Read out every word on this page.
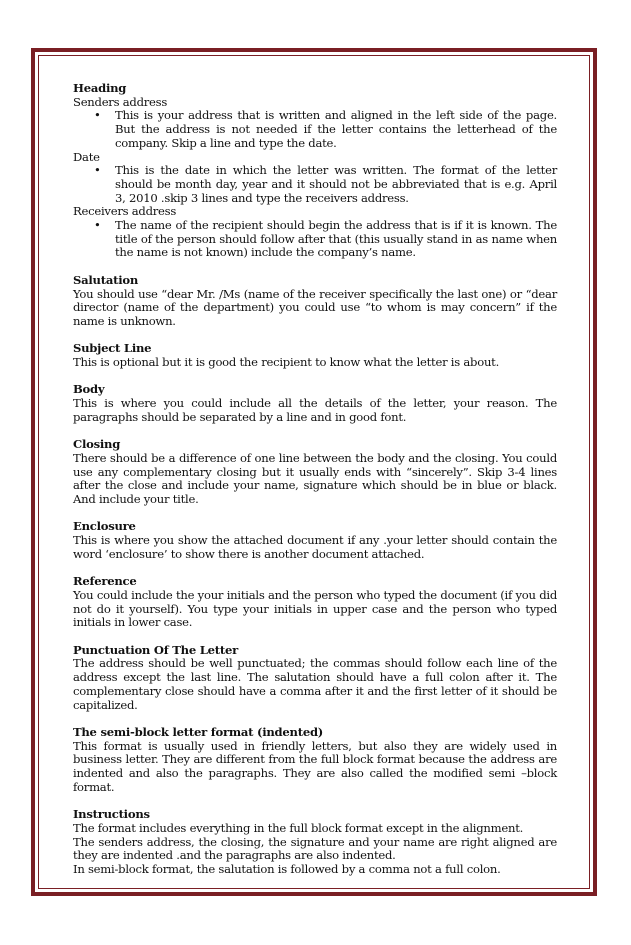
Heading

Senders address

• This is your address that is written and aligned in the left side of the page. But the address is not needed if the letter contains the letterhead of the company. Skip a line and type the date.

Date

• This is the date in which the letter was written. The format of the letter should be month day, year and it should not be abbreviated that is e.g. April 3, 2010 .skip 3 lines and type the receivers address.

Receivers address

• The name of the recipient should begin the address that is if it is known. The title of the person should follow after that (this usually stand in as name when the name is not known) include the company’s name.

Salutation

You should use “dear Mr. /Ms (name of the receiver specifically the last one) or “dear director (name of the department) you could use “to whom is may concern” if the name is unknown.

Subject Line

This is optional but it is good the recipient to know what the letter is about.

Body

This is where you could include all the details of the letter, your reason. The paragraphs should be separated by a line and in good font.

Closing

There should be a difference of one line between the body and the closing. You could use any complementary closing but it usually ends with “sincerely”. Skip 3-4 lines after the close and include your name, signature which should be in blue or black. And include your title.

Enclosure

This is where you show the attached document if any .your letter should contain the word ‘enclosure’ to show there is another document attached.

Reference

You could include the your initials and the person who typed the document (if you did not do it yourself). You type your initials in upper case and the person who typed initials in lower case.

Punctuation Of The Letter

The address should be well punctuated; the commas should follow each line of the address except the last line. The salutation should have a full colon after it. The complementary close should have a comma after it and the first letter of it should be capitalized.

The semi-block letter format (indented)

This format is usually used in friendly letters, but also they are widely used in business letter. They are different from the full block format because the address are indented and also the paragraphs. They are also called the modified semi –block format.

Instructions

The format includes everything in the full block format except in the alignment.

The senders address, the closing, the signature and your name are right aligned are they are indented .and the paragraphs are also indented.

In semi-block format, the salutation is followed by a comma not a full colon.
